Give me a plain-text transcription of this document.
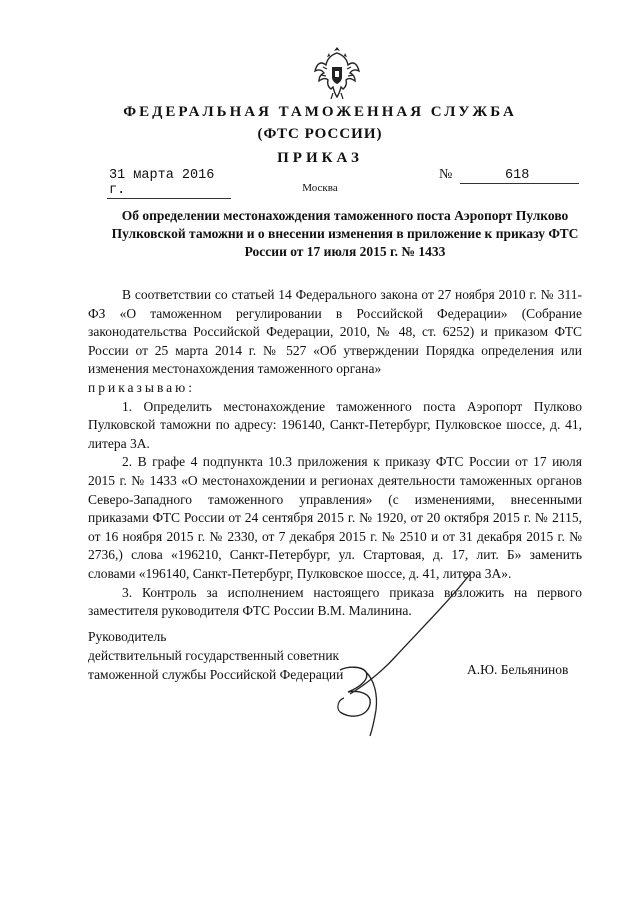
ФЕДЕРАЛЬНАЯ ТАМОЖЕННАЯ СЛУЖБА
(ФТС РОССИИ)
ПРИКАЗ
31 марта 2016 г.
№	618
Москва
Об определении местонахождения таможенного поста Аэропорт Пулково Пулковской таможни и о внесении изменения в приложение к приказу ФТС России от 17 июля 2015 г. № 1433

В соответствии со статьей 14 Федерального закона от 27 ноября 2010 г. № 311-ФЗ «О таможенном регулировании в Российской Федерации» (Собрание законодательства Российской Федерации, 2010, № 48, ст. 6252) и приказом ФТС России от 25 марта 2014 г. № 527 «Об утверждении Порядка определения или изменения местонахождения таможенного органа»

приказываю:

1. Определить местонахождение таможенного поста Аэропорт Пулково Пулковской таможни по адресу: 196140, Санкт-Петербург, Пулковское шоссе, д. 41, литера 3А.

2. В графе 4 подпункта 10.3 приложения к приказу ФТС России от 17 июля 2015 г. № 1433 «О местонахождении и регионах деятельности таможенных органов Северо-Западного таможенного управления» (с изменениями, внесенными приказами ФТС России от 24 сентября 2015 г. № 1920, от 20 октября 2015 г. № 2115, от 16 ноября 2015 г. № 2330, от 7 декабря 2015 г. № 2510 и от 31 декабря 2015 г. № 2736,) слова «196210, Санкт-Петербург, ул. Стартовая, д. 17, лит. Б» заменить словами «196140, Санкт-Петербург, Пулковское шоссе, д. 41, литера 3А».

3. Контроль за исполнением настоящего приказа возложить на первого заместителя руководителя ФТС России В.М. Малинина.

Руководитель
действительный государственный советник
таможенной службы Российской Федерации	А.Ю. Бельянинов
